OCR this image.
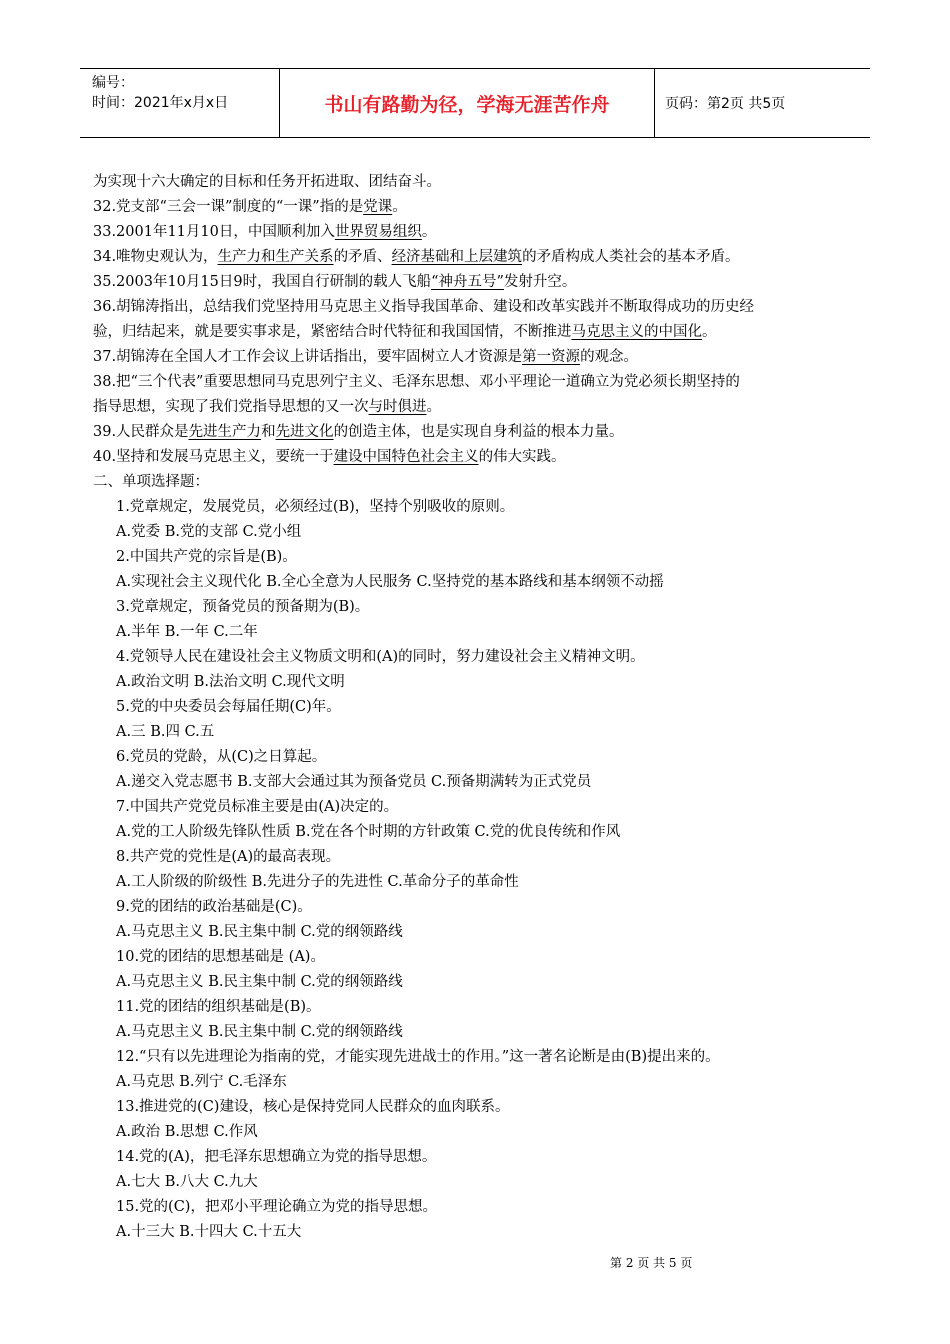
编号：
时间：2021年x月x日	书山有路勤为径，学海无涯苦作舟	页码：第2页 共5页
为实现十六大确定的目标和任务开拓进取、团结奋斗。
32.党支部“三会一课”制度的“一课”指的是党课。
33.2001年11月10日，中国顺利加入世界贸易组织。
34.唯物史观认为，生产力和生产关系的矛盾、经济基础和上层建筑的矛盾构成人类社会的基本矛盾。
35.2003年10月15日9时，我国自行研制的载人飞船“神舟五号”发射升空。
36.胡锦涛指出，总结我们党坚持用马克思主义指导我国革命、建设和改革实践并不断取得成功的历史经
验，归结起来，就是要实事求是，紧密结合时代特征和我国国情，不断推进马克思主义的中国化。
37.胡锦涛在全国人才工作会议上讲话指出，要牢固树立人才资源是第一资源的观念。
38.把“三个代表”重要思想同马克思列宁主义、毛泽东思想、邓小平理论一道确立为党必须长期坚持的
指导思想，实现了我们党指导思想的又一次与时俱进。
39.人民群众是先进生产力和先进文化的创造主体，也是实现自身利益的根本力量。
40.坚持和发展马克思主义，要统一于建设中国特色社会主义的伟大实践。
二、单项选择题：
1.党章规定，发展党员，必须经过(B)，坚持个别吸收的原则。
A.党委 B.党的支部 C.党小组
2.中国共产党的宗旨是(B)。
A.实现社会主义现代化 B.全心全意为人民服务 C.坚持党的基本路线和基本纲领不动摇
3.党章规定，预备党员的预备期为(B)。
A.半年 B.一年 C.二年
4.党领导人民在建设社会主义物质文明和(A)的同时，努力建设社会主义精神文明。
A.政治文明 B.法治文明 C.现代文明
5.党的中央委员会每届任期(C)年。
A.三 B.四 C.五
6.党员的党龄，从(C)之日算起。
A.递交入党志愿书 B.支部大会通过其为预备党员 C.预备期满转为正式党员
7.中国共产党党员标准主要是由(A)决定的。
A.党的工人阶级先锋队性质 B.党在各个时期的方针政策 C.党的优良传统和作风
8.共产党的党性是(A)的最高表现。
A.工人阶级的阶级性 B.先进分子的先进性 C.革命分子的革命性
9.党的团结的政治基础是(C)。
A.马克思主义 B.民主集中制 C.党的纲领路线
10.党的团结的思想基础是 (A)。
A.马克思主义 B.民主集中制 C.党的纲领路线
11.党的团结的组织基础是(B)。
A.马克思主义 B.民主集中制 C.党的纲领路线
12.“只有以先进理论为指南的党，才能实现先进战士的作用。”这一著名论断是由(B)提出来的。
A.马克思 B.列宁 C.毛泽东
13.推进党的(C)建设，核心是保持党同人民群众的血肉联系。
A.政治 B.思想 C.作风
14.党的(A)，把毛泽东思想确立为党的指导思想。
A.七大 B.八大 C.九大
15.党的(C)，把邓小平理论确立为党的指导思想。
A.十三大 B.十四大 C.十五大
第 2 页 共 5 页
